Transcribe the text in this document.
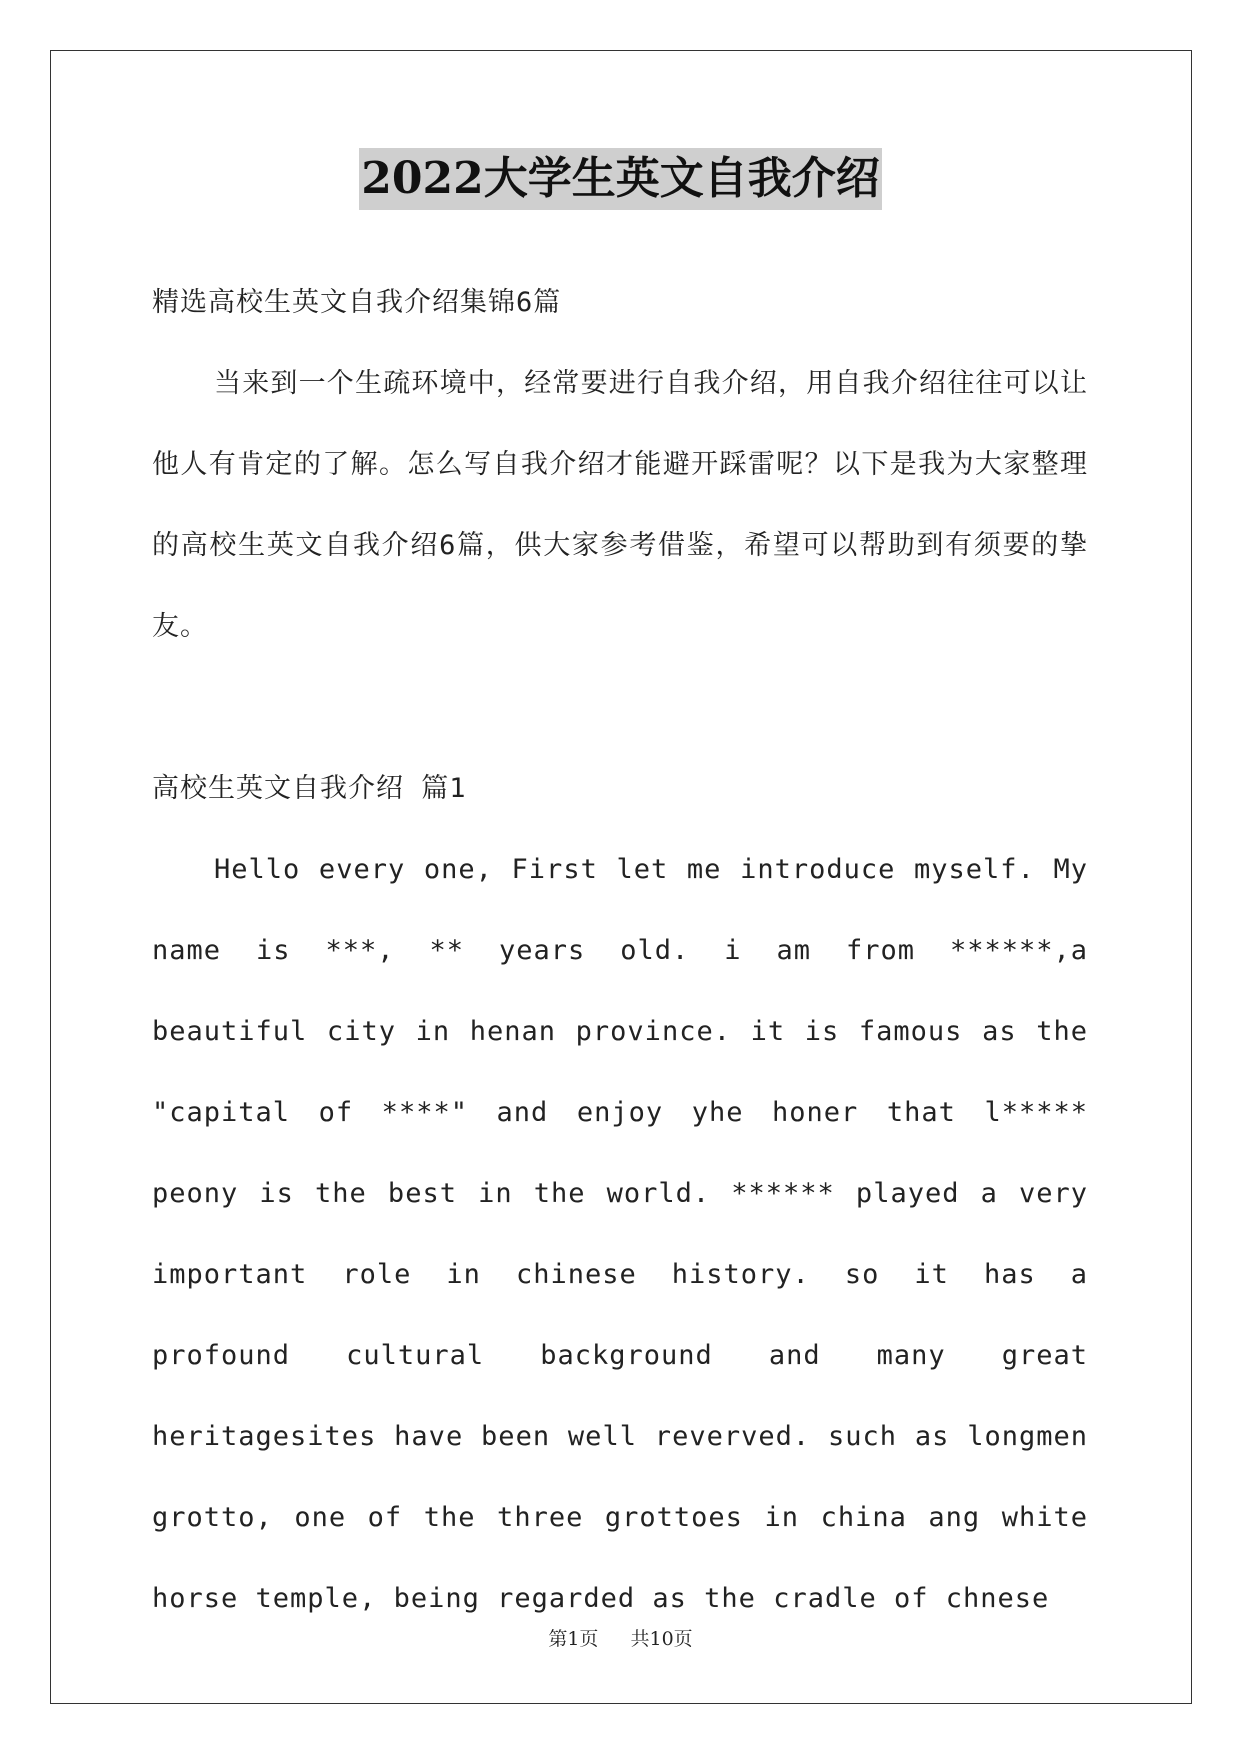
2022大学生英文自我介绍

精选高校生英文自我介绍集锦6篇

当来到一个生疏环境中，经常要进行自我介绍，用自我介绍往往可以让他人有肯定的了解。怎么写自我介绍才能避开踩雷呢？以下是我为大家整理的高校生英文自我介绍6篇，供大家参考借鉴，希望可以帮助到有须要的挚友。

高校生英文自我介绍 篇1

Hello every one, First let me introduce myself. My name is ***, ** years old. i am from ******,a beautiful city in henan province. it is famous as the "capital of ****" and enjoy yhe honer that l***** peony is the best in the world. ****** played a very important role in chinese history. so it has a profound cultural background and many great heritagesites have been well reverved. such as longmen grotto, one of the three grottoes in china ang white horse temple, being regarded as the cradle of chnese

第1页 共10页
